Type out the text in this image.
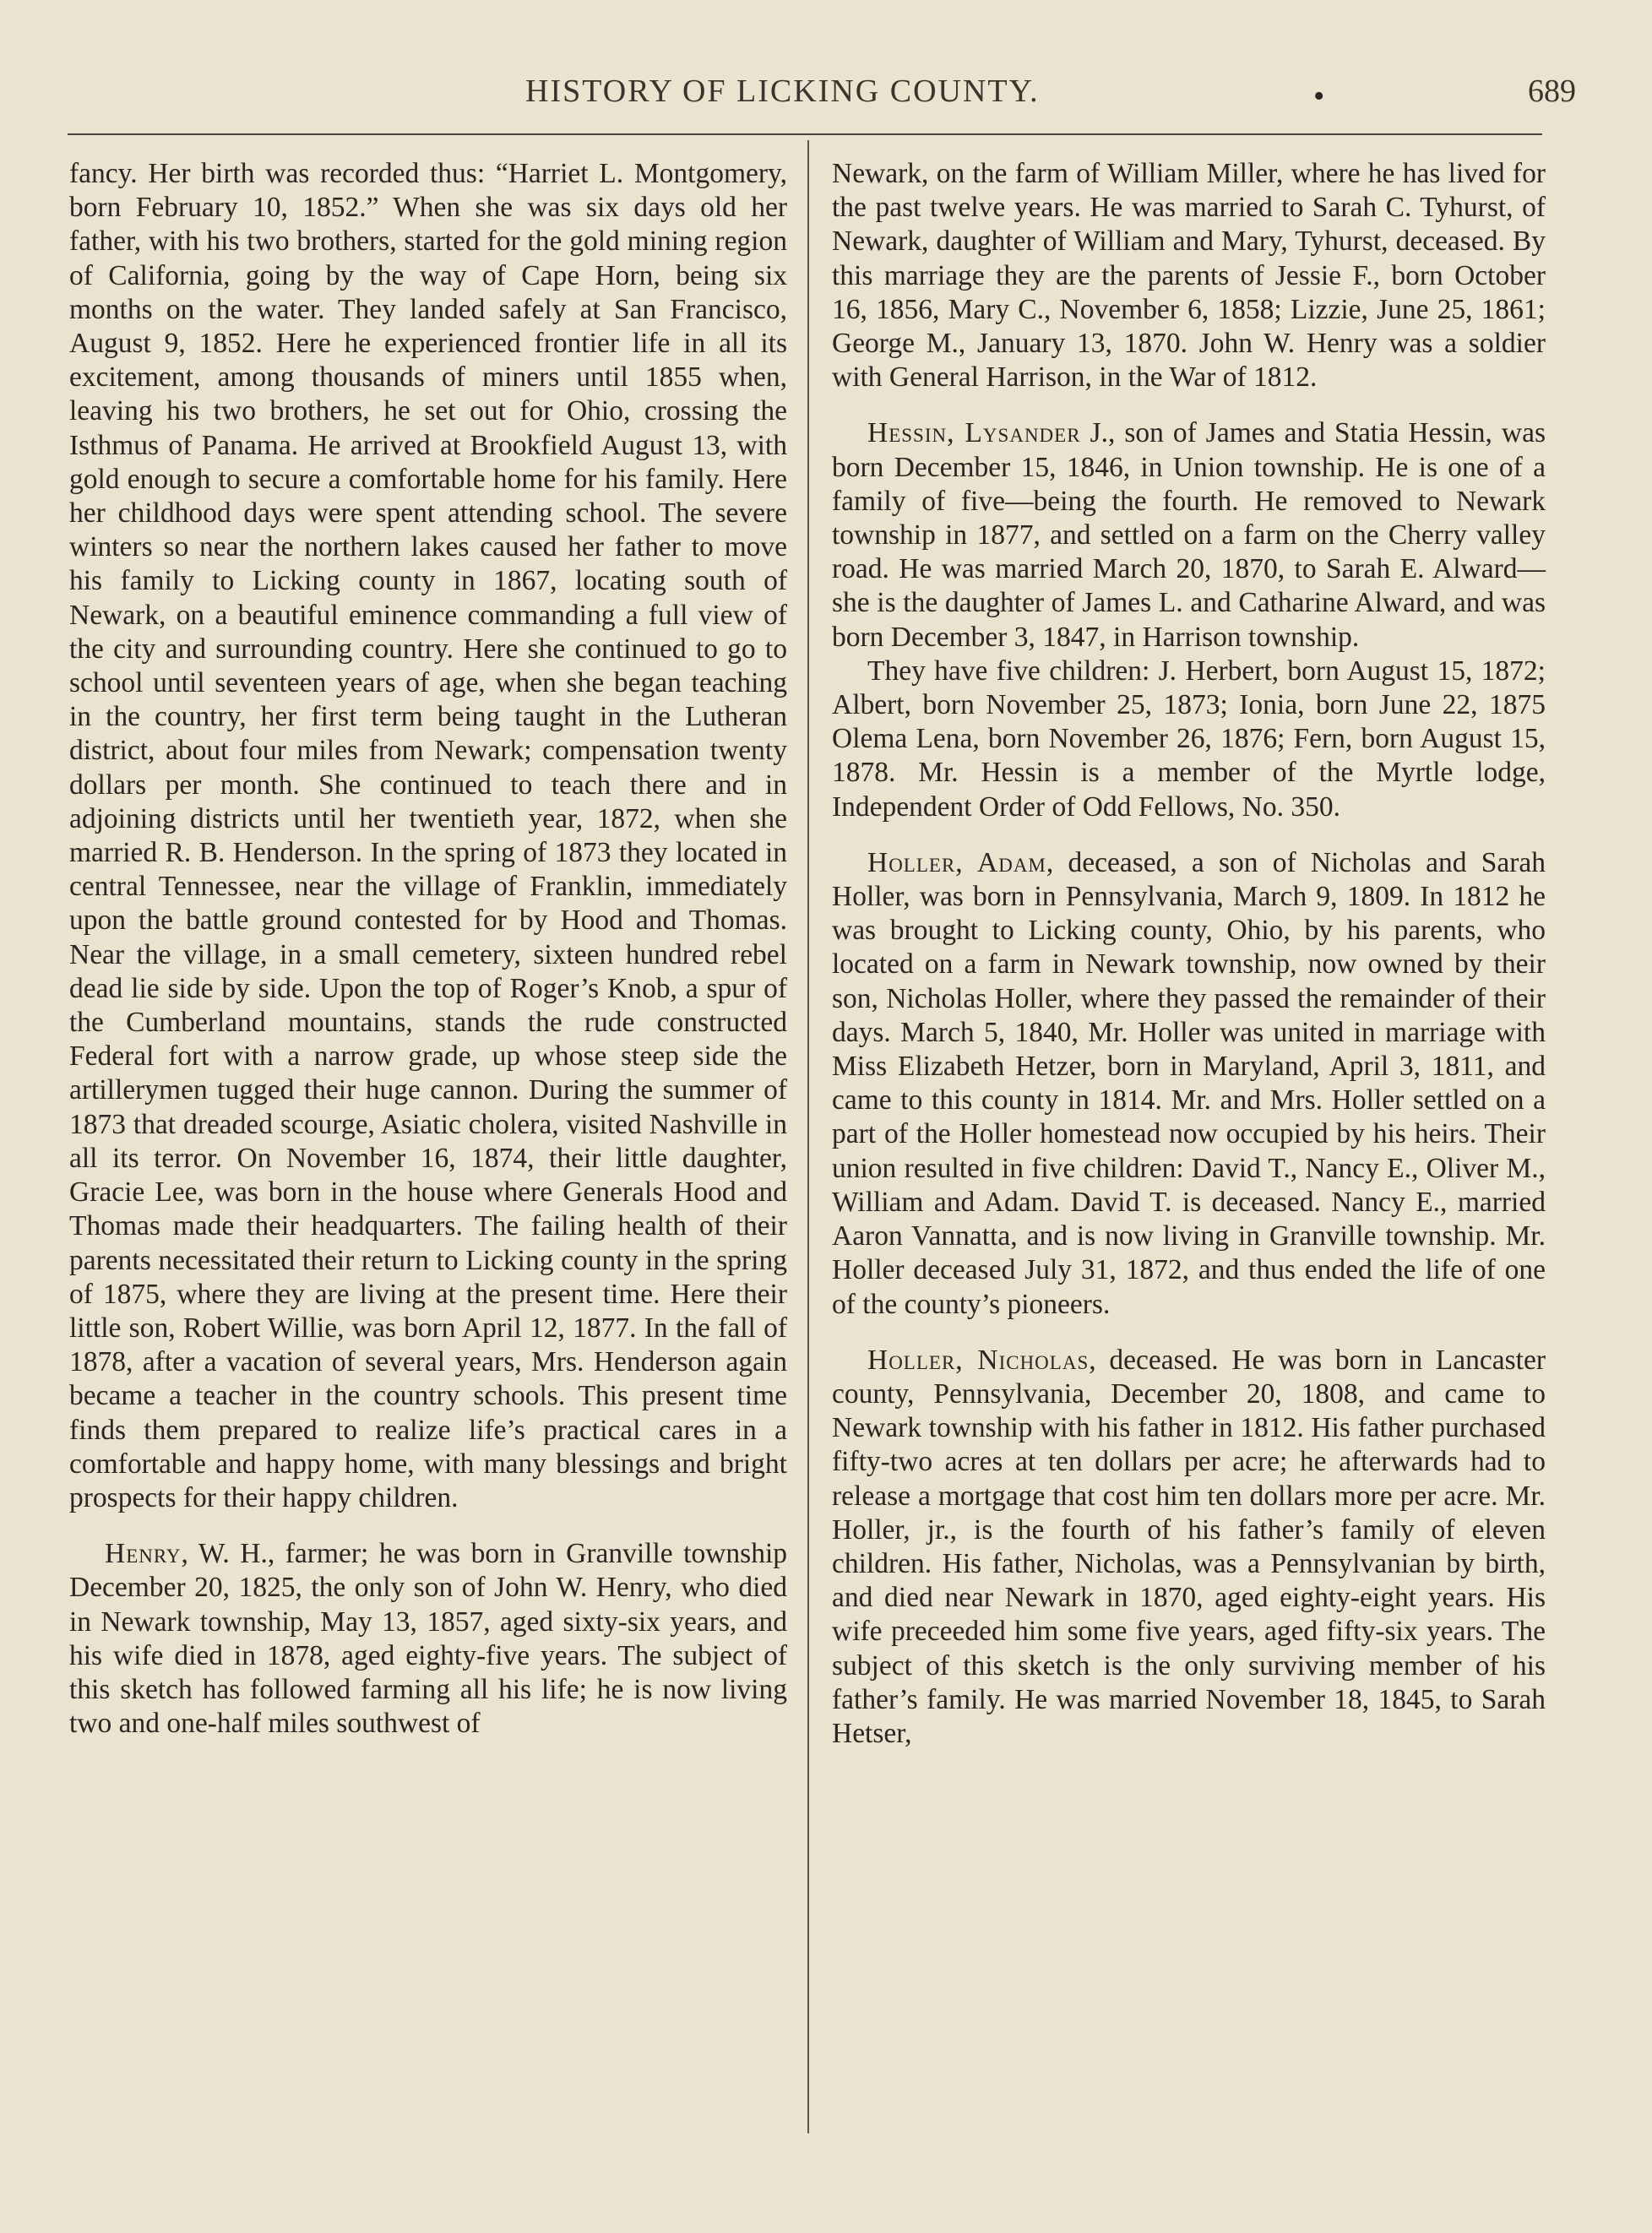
HISTORY OF LICKING COUNTY.	•	689

fancy. Her birth was recorded thus: “Harriet L. Montgomery, born February 10, 1852.” When she was six days old her father, with his two brothers, started for the gold mining region of California, going by the way of Cape Horn, being six months on the water. They landed safely at San Francisco, August 9, 1852. Here he experienced frontier life in all its excitement, among thousands of miners until 1855 when, leaving his two brothers, he set out for Ohio, crossing the Isthmus of Panama. He arrived at Brookfield August 13, with gold enough to secure a comfortable home for his family. Here her childhood days were spent attending school. The severe winters so near the northern lakes caused her father to move his family to Licking county in 1867, locating south of Newark, on a beautiful eminence commanding a full view of the city and surrounding country. Here she continued to go to school until seventeen years of age, when she began teaching in the country, her first term being taught in the Lutheran district, about four miles from Newark; compensation twenty dollars per month. She continued to teach there and in adjoining districts until her twentieth year, 1872, when she married R. B. Henderson. In the spring of 1873 they located in central Tennessee, near the village of Franklin, immediately upon the battle ground contested for by Hood and Thomas. Near the village, in a small cemetery, sixteen hundred rebel dead lie side by side. Upon the top of Roger’s Knob, a spur of the Cumberland mountains, stands the rude constructed Federal fort with a narrow grade, up whose steep side the artillerymen tugged their huge cannon. During the summer of 1873 that dreaded scourge, Asiatic cholera, visited Nashville in all its terror. On November 16, 1874, their little daughter, Gracie Lee, was born in the house where Generals Hood and Thomas made their headquarters. The failing health of their parents necessitated their return to Licking county in the spring of 1875, where they are living at the present time. Here their little son, Robert Willie, was born April 12, 1877. In the fall of 1878, after a vacation of several years, Mrs. Henderson again became a teacher in the country schools. This present time finds them prepared to realize life’s practical cares in a comfortable and happy home, with many blessings and bright prospects for their happy children.

Henry, W. H., farmer; he was born in Granville township December 20, 1825, the only son of John W. Henry, who died in Newark township, May 13, 1857, aged sixty-six years, and his wife died in 1878, aged eighty-five years. The subject of this sketch has followed farming all his life; he is now living two and one-half miles southwest of

Newark, on the farm of William Miller, where he has lived for the past twelve years. He was married to Sarah C. Tyhurst, of Newark, daughter of William and Mary, Tyhurst, deceased. By this marriage they are the parents of Jessie F., born October 16, 1856, Mary C., November 6, 1858; Lizzie, June 25, 1861; George M., January 13, 1870. John W. Henry was a soldier with General Harrison, in the War of 1812.

Hessin, Lysander J., son of James and Statia Hessin, was born December 15, 1846, in Union township. He is one of a family of five—being the fourth. He removed to Newark township in 1877, and settled on a farm on the Cherry valley road. He was married March 20, 1870, to Sarah E. Alward—she is the daughter of James L. and Catharine Alward, and was born December 3, 1847, in Harrison township.

They have five children: J. Herbert, born August 15, 1872; Albert, born November 25, 1873; Ionia, born June 22, 1875 Olema Lena, born November 26, 1876; Fern, born August 15, 1878. Mr. Hessin is a member of the Myrtle lodge, Independent Order of Odd Fellows, No. 350.

Holler, Adam, deceased, a son of Nicholas and Sarah Holler, was born in Pennsylvania, March 9, 1809. In 1812 he was brought to Licking county, Ohio, by his parents, who located on a farm in Newark township, now owned by their son, Nicholas Holler, where they passed the remainder of their days. March 5, 1840, Mr. Holler was united in marriage with Miss Elizabeth Hetzer, born in Maryland, April 3, 1811, and came to this county in 1814. Mr. and Mrs. Holler settled on a part of the Holler homestead now occupied by his heirs. Their union resulted in five children: David T., Nancy E., Oliver M., William and Adam. David T. is deceased. Nancy E., married Aaron Vannatta, and is now living in Granville township. Mr. Holler deceased July 31, 1872, and thus ended the life of one of the county’s pioneers.

Holler, Nicholas, deceased. He was born in Lancaster county, Pennsylvania, December 20, 1808, and came to Newark township with his father in 1812. His father purchased fifty-two acres at ten dollars per acre; he afterwards had to release a mortgage that cost him ten dollars more per acre. Mr. Holler, jr., is the fourth of his father’s family of eleven children. His father, Nicholas, was a Pennsylvanian by birth, and died near Newark in 1870, aged eighty-eight years. His wife preceeded him some five years, aged fifty-six years. The subject of this sketch is the only surviving member of his father’s family. He was married November 18, 1845, to Sarah Hetser,
